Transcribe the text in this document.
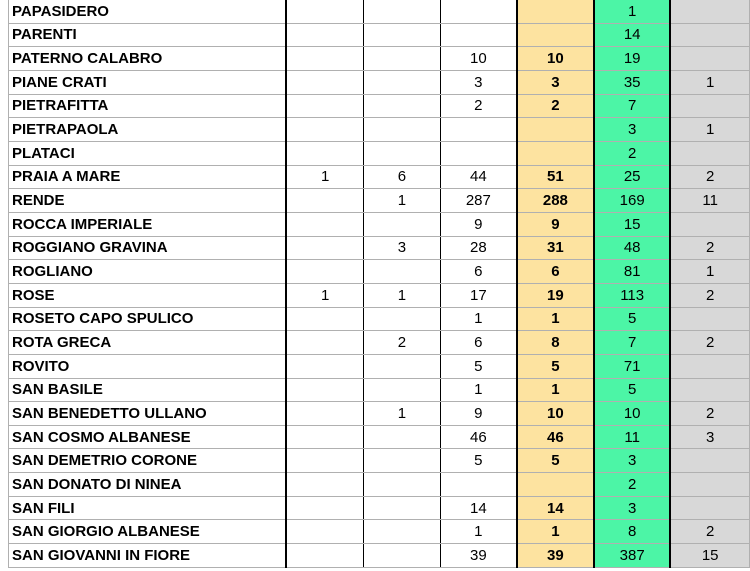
PAPASIDERO					1	
PARENTI					14	
PATERNO CALABRO			10	10	19	
PIANE CRATI			3	3	35	1
PIETRAFITTA			2	2	7	
PIETRAPAOLA					3	1
PLATACI					2	
PRAIA A MARE	1	6	44	51	25	2
RENDE		1	287	288	169	11
ROCCA IMPERIALE			9	9	15	
ROGGIANO GRAVINA		3	28	31	48	2
ROGLIANO			6	6	81	1
ROSE	1	1	17	19	113	2
ROSETO CAPO SPULICO			1	1	5	
ROTA GRECA		2	6	8	7	2
ROVITO			5	5	71	
SAN BASILE			1	1	5	
SAN BENEDETTO ULLANO		1	9	10	10	2
SAN COSMO ALBANESE			46	46	11	3
SAN DEMETRIO CORONE			5	5	3	
SAN DONATO DI NINEA					2	
SAN FILI			14	14	3	
SAN GIORGIO ALBANESE			1	1	8	2
SAN GIOVANNI IN FIORE			39	39	387	15
